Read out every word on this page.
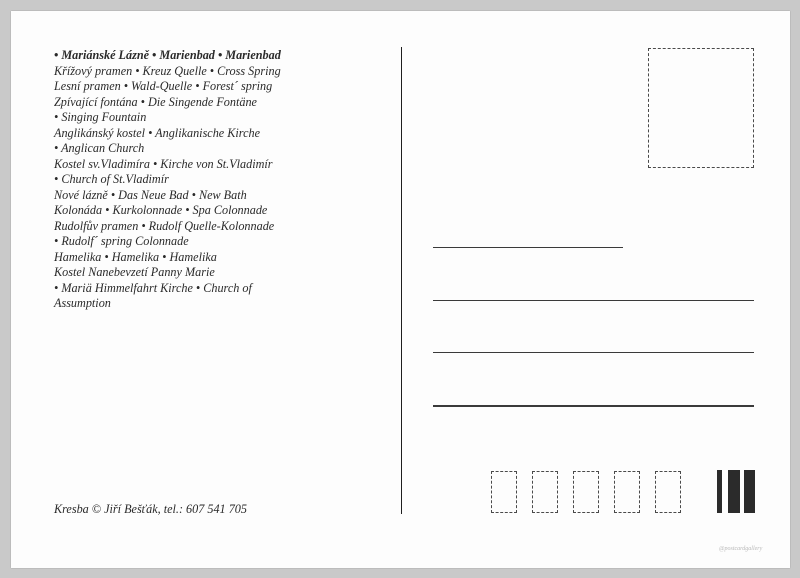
• Mariánské Lázně • Marienbad • Marienbad
Křížový pramen • Kreuz Quelle • Cross Spring
Lesní pramen • Wald-Quelle • Forest´ spring
Zpívající fontána • Die Singende Fontäne
• Singing Fountain
Anglikánský kostel • Anglikanische Kirche
• Anglican Church
Kostel sv.Vladimíra • Kirche von St.Vladimír
• Church of St.Vladimír
Nové lázně • Das Neue Bad • New Bath
Kolonáda • Kurkolonnade • Spa Colonnade
Rudolfův pramen • Rudolf Quelle-Kolonnade
• Rudolf´ spring Colonnade
Hamelika • Hamelika • Hamelika
Kostel Nanebevzetí Panny Marie
• Mariä Himmelfahrt Kirche • Church of
Assumption
Kresba © Jiří Bešťák, tel.: 607 541 705
@postcardgallery
